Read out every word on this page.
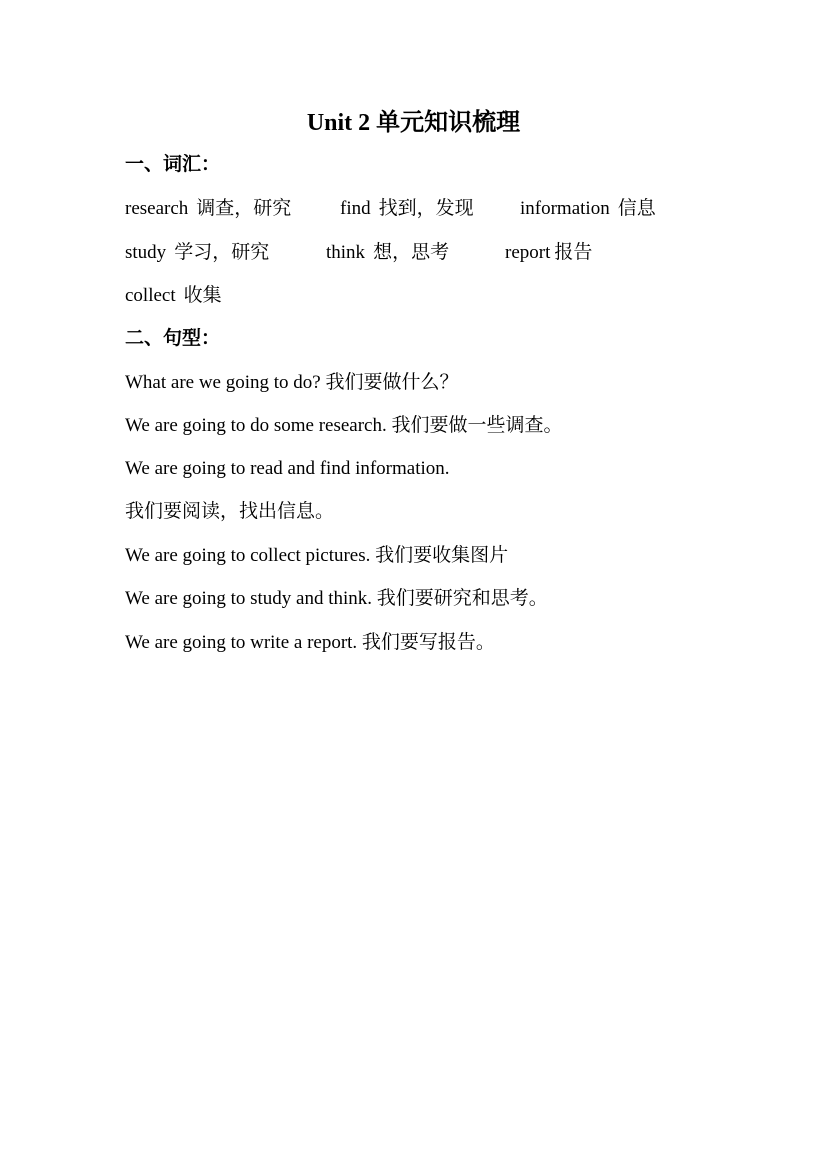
Unit 2 单元知识梳理
一、词汇：
research 调查，研究	find 找到，发现 information 信息
study 学习，研究	think 想，思考	report 报告
collect 收集
二、句型：
What are we going to do? 我们要做什么？
We are going to do some research. 我们要做一些调查。
We are going to read and find information.
我们要阅读，找出信息。
We are going to collect pictures. 我们要收集图片
We are going to study and think. 我们要研究和思考。
We are going to write a report. 我们要写报告。
